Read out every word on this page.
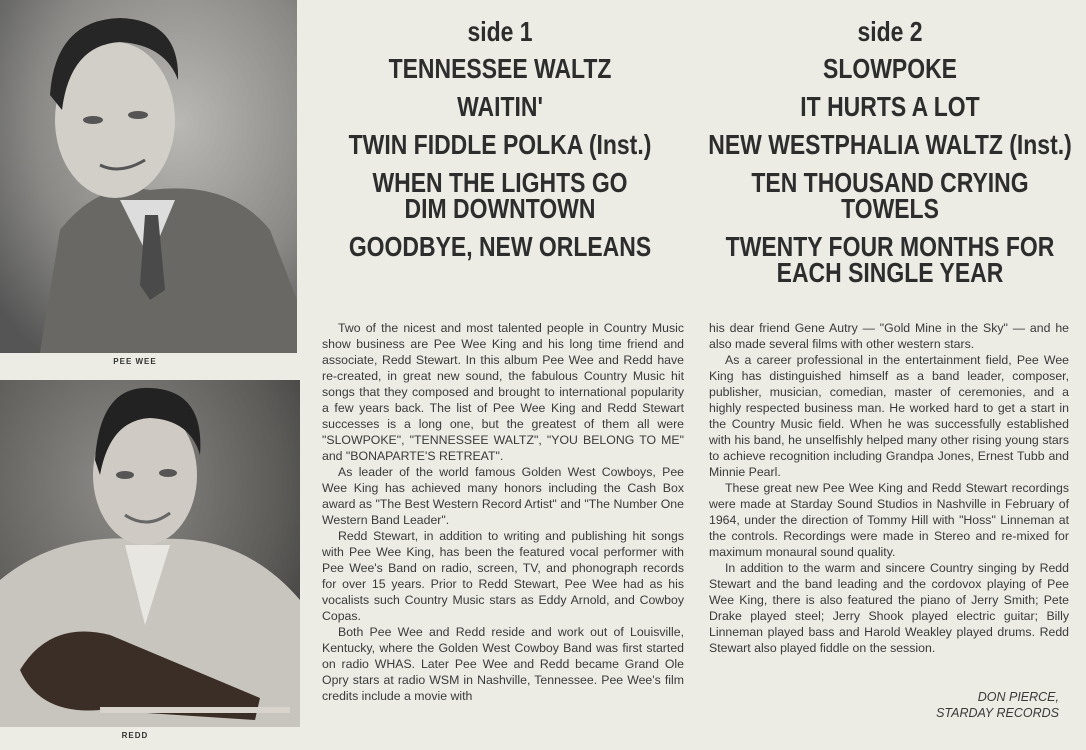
PEE WEE
REDD
side 1
TENNESSEE WALTZ
WAITIN'
TWIN FIDDLE POLKA (Inst.)
WHEN THE LIGHTS GO DIM DOWNTOWN
GOODBYE, NEW ORLEANS
side 2
SLOWPOKE
IT HURTS A LOT
NEW WESTPHALIA WALTZ (Inst.)
TEN THOUSAND CRYING TOWELS
TWENTY FOUR MONTHS FOR EACH SINGLE YEAR

Two of the nicest and most talented people in Country Music show business are Pee Wee King and his long time friend and associate, Redd Stewart. In this album Pee Wee and Redd have re-created, in great new sound, the fabulous Country Music hit songs that they composed and brought to international popularity a few years back. The list of Pee Wee King and Redd Stewart successes is a long one, but the greatest of them all were "SLOWPOKE", "TENNESSEE WALTZ", "YOU BELONG TO ME" and "BONAPARTE'S RETREAT".

As leader of the world famous Golden West Cowboys, Pee Wee King has achieved many honors including the Cash Box award as "The Best Western Record Artist" and "The Number One Western Band Leader".

Redd Stewart, in addition to writing and publishing hit songs with Pee Wee King, has been the featured vocal performer with Pee Wee's Band on radio, screen, TV, and phonograph records for over 15 years. Prior to Redd Stewart, Pee Wee had as his vocalists such Country Music stars as Eddy Arnold, and Cowboy Copas.

Both Pee Wee and Redd reside and work out of Louisville, Kentucky, where the Golden West Cowboy Band was first started on radio WHAS. Later Pee Wee and Redd became Grand Ole Opry stars at radio WSM in Nashville, Tennessee. Pee Wee's film credits include a movie with

his dear friend Gene Autry — "Gold Mine in the Sky" — and he also made several films with other western stars.

As a career professional in the entertainment field, Pee Wee King has distinguished himself as a band leader, composer, publisher, musician, comedian, master of ceremonies, and a highly respected business man. He worked hard to get a start in the Country Music field. When he was successfully established with his band, he unselfishly helped many other rising young stars to achieve recognition including Grandpa Jones, Ernest Tubb and Minnie Pearl.

These great new Pee Wee King and Redd Stewart recordings were made at Starday Sound Studios in Nashville in February of 1964, under the direction of Tommy Hill with "Hoss" Linneman at the controls. Recordings were made in Stereo and re-mixed for maximum monaural sound quality.

In addition to the warm and sincere Country singing by Redd Stewart and the band leading and the cordovox playing of Pee Wee King, there is also featured the piano of Jerry Smith; Pete Drake played steel; Jerry Shook played electric guitar; Billy Linneman played bass and Harold Weakley played drums. Redd Stewart also played fiddle on the session.

DON PIERCE,
STARDAY RECORDS
